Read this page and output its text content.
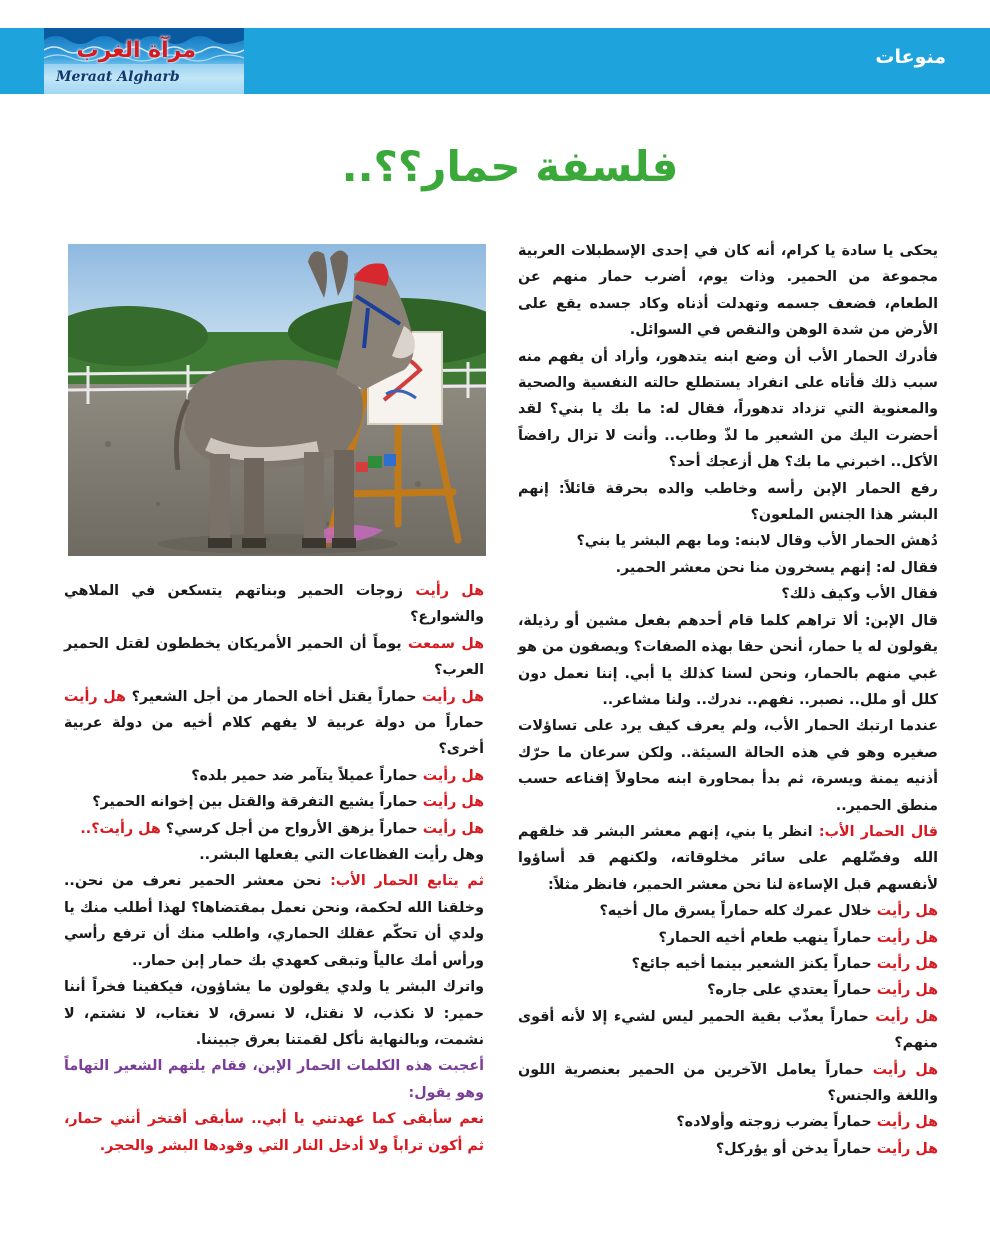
مرآة الغرب
Meraat Algharb
منوعات
فلسفة حمار؟؟..

يحكى يا سادة يا كرام، أنه كان في إحدى الإسطبلات العربية مجموعة من الحمير. وذات يوم، أضرب حمار منهم عن الطعام، فضعف جسمه وتهدلت أذناه وكاد جسده يقع على الأرض من شدة الوهن والنقص في السوائل.

فأدرك الحمار الأب أن وضع ابنه يتدهور، وأراد أن يفهم منه سبب ذلك فأتاه على انفراد يستطلع حالته النفسية والصحية والمعنوية التي تزداد تدهوراً، فقال له: ما بك يا بني؟ لقد أحضرت اليك من الشعير ما لذّ وطاب.. وأنت لا تزال رافضاً الأكل.. اخبرني ما بك؟ هل أزعجك أحد؟

رفع الحمار الإبن رأسه وخاطب والده بحرقة قائلاً: إنهم البشر هذا الجنس الملعون؟

دُهش الحمار الأب وقال لابنه: وما بهم البشر يا بني؟

فقال له: إنهم يسخرون منا نحن معشر الحمير.

فقال الأب وكيف ذلك؟

قال الإبن: ألا تراهم كلما قام أحدهم بفعل مشين أو رذيلة، يقولون له يا حمار، أنحن حقا بهذه الصفات؟ ويصفون من هو غبي منهم بالحمار، ونحن لسنا كذلك يا أبي. إننا نعمل دون كلل أو ملل.. نصبر.. نفهم.. ندرك.. ولنا مشاعر..

عندما ارتبك الحمار الأب، ولم يعرف كيف يرد على تساؤلات صغيره وهو في هذه الحالة السيئة.. ولكن سرعان ما حرّك أذنيه يمنة ويسرة، ثم بدأ بمحاورة ابنه محاولاً إقناعه حسب منطق الحمير..

قال الحمار الأب: انظر يا بني، إنهم معشر البشر قد خلقهم الله وفضّلهم على سائر مخلوقاته، ولكنهم قد أساؤوا لأنفسهم قبل الإساءة لنا نحن معشر الحمير، فانظر مثلاً:

هل رأيت خلال عمرك كله حماراً يسرق مال أخيه؟

هل رأيت حماراً ينهب طعام أخيه الحمار؟

هل رأيت حماراً يكنز الشعير بينما أخيه جائع؟

هل رأيت حماراً يعتدي على جاره؟

هل رأيت حماراً يعذّب بقية الحمير ليس لشيء إلا لأنه أقوى منهم؟

هل رأيت حماراً يعامل الآخرين من الحمير بعنصرية اللون واللغة والجنس؟

هل رأيت حماراً يضرب زوجته وأولاده؟

هل رأيت حماراً يدخن أو يؤركل؟

هل رأيت زوجات الحمير وبناتهم يتسكعن في الملاهي والشوارع؟

هل سمعت يوماً أن الحمير الأمريكان يخططون لقتل الحمير العرب؟

هل رأيت حماراً يقتل أخاه الحمار من أجل الشعير؟ هل رأيت حماراً من دولة عربية لا يفهم كلام أخيه من دولة عربية أخرى؟

هل رأيت حماراً عميلاً يتآمر ضد حمير بلده؟

هل رأيت حماراً يشيع التفرقة والقتل بين إخوانه الحمير؟

هل رأيت حماراً يزهق الأرواح من أجل كرسي؟ هل رأيت؟..

وهل رأيت الفظاعات التي يفعلها البشر..

ثم يتابع الحمار الأب: نحن معشر الحمير نعرف من نحن.. وخلقنا الله لحكمة، ونحن نعمل بمقتضاها؟ لهذا أطلب منك يا ولدي أن تحكّم عقلك الحماري، واطلب منك أن ترفع رأسي ورأس أمك عالياً وتبقى كعهدي بك حمار إبن حمار..

واترك البشر يا ولدي يقولون ما يشاؤون، فيكفينا فخراً أننا حمير: لا نكذب، لا نقتل، لا نسرق، لا نغتاب، لا نشتم، لا نشمت، وبالنهاية نأكل لقمتنا بعرق جبيننا.

أعجبت هذه الكلمات الحمار الإبن، فقام يلتهم الشعير التهاماً وهو يقول:

نعم سأبقى كما عهدتني يا أبي.. سأبقى أفتخر أنني حمار، ثم أكون تراباً ولا أدخل النار التي وقودها البشر والحجر.
